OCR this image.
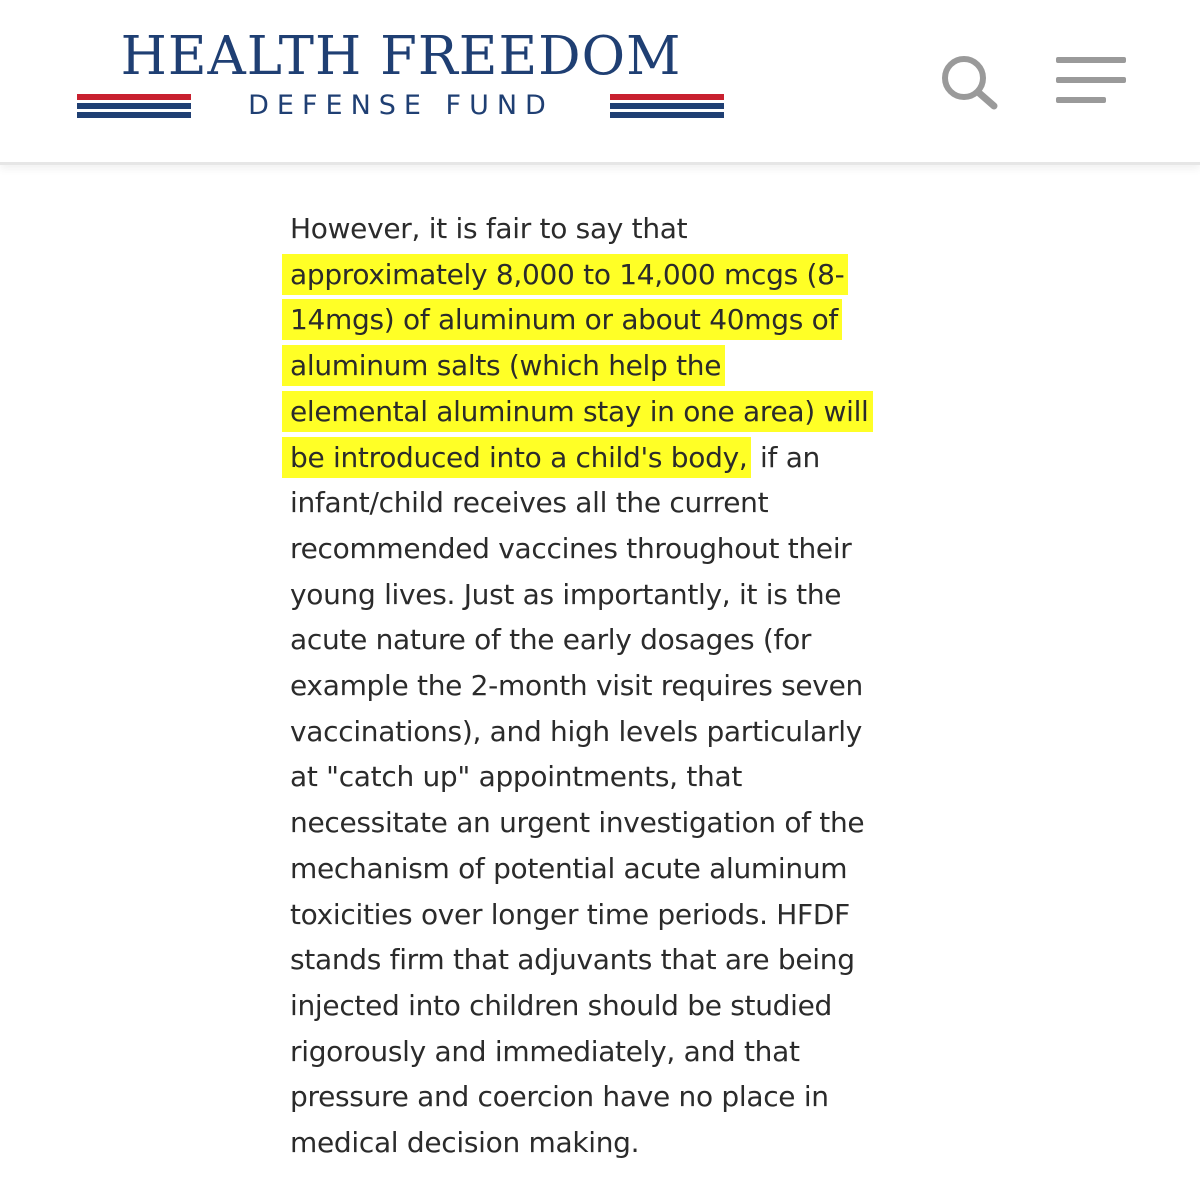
HEALTH FREEDOM
DEFENSE FUND
However, it is fair to say that
approximately 8,000 to 14,000 mcgs (8-
14mgs) of aluminum or about 40mgs of
aluminum salts (which help the
elemental aluminum stay in one area) will
be introduced into a child's body, if an
infant/child receives all the current
recommended vaccines throughout their
young lives. Just as importantly, it is the
acute nature of the early dosages (for
example the 2-month visit requires seven
vaccinations), and high levels particularly
at "catch up" appointments, that
necessitate an urgent investigation of the
mechanism of potential acute aluminum
toxicities over longer time periods. HFDF
stands firm that adjuvants that are being
injected into children should be studied
rigorously and immediately, and that
pressure and coercion have no place in
medical decision making.
